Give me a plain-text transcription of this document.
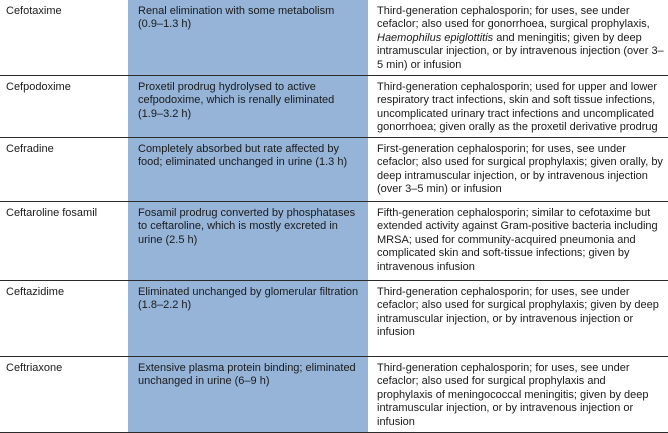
Cefotaxime	Renal elimination with some metabolism (0.9–1.3 h)	Third-generation cephalosporin; for uses, see under cefaclor; also used for gonorrhoea, surgical prophylaxis, Haemophilus epiglottitis and meningitis; given by deep intramuscular injection, or by intravenous injection (over 3–5 min) or infusion
Cefpodoxime	Proxetil prodrug hydrolysed to active cefpodoxime, which is renally eliminated (1.9–3.2 h)	Third-generation cephalosporin; used for upper and lower respiratory tract infections, skin and soft tissue infections, uncomplicated urinary tract infections and uncomplicated gonorrhoea; given orally as the proxetil derivative prodrug
Cefradine	Completely absorbed but rate affected by food; eliminated unchanged in urine (1.3 h)	First-generation cephalosporin; for uses, see under cefaclor; also used for surgical prophylaxis; given orally, by deep intramuscular injection, or by intravenous injection (over 3–5 min) or infusion
Ceftaroline fosamil	Fosamil prodrug converted by phosphatases to ceftaroline, which is mostly excreted in urine (2.5 h)	Fifth-generation cephalosporin; similar to cefotaxime but extended activity against Gram-positive bacteria including MRSA; used for community-acquired pneumonia and complicated skin and soft-tissue infections; given by intravenous infusion
Ceftazidime	Eliminated unchanged by glomerular filtration (1.8–2.2 h)	Third-generation cephalosporin; for uses, see under cefaclor; also used for surgical prophylaxis; given by deep intramuscular injection, or by intravenous injection or infusion
Ceftriaxone	Extensive plasma protein binding; eliminated unchanged in urine (6–9 h)	Third-generation cephalosporin; for uses, see under cefaclor; also used for surgical prophylaxis and prophylaxis of meningococcal meningitis; given by deep intramuscular injection, or by intravenous injection or infusion
